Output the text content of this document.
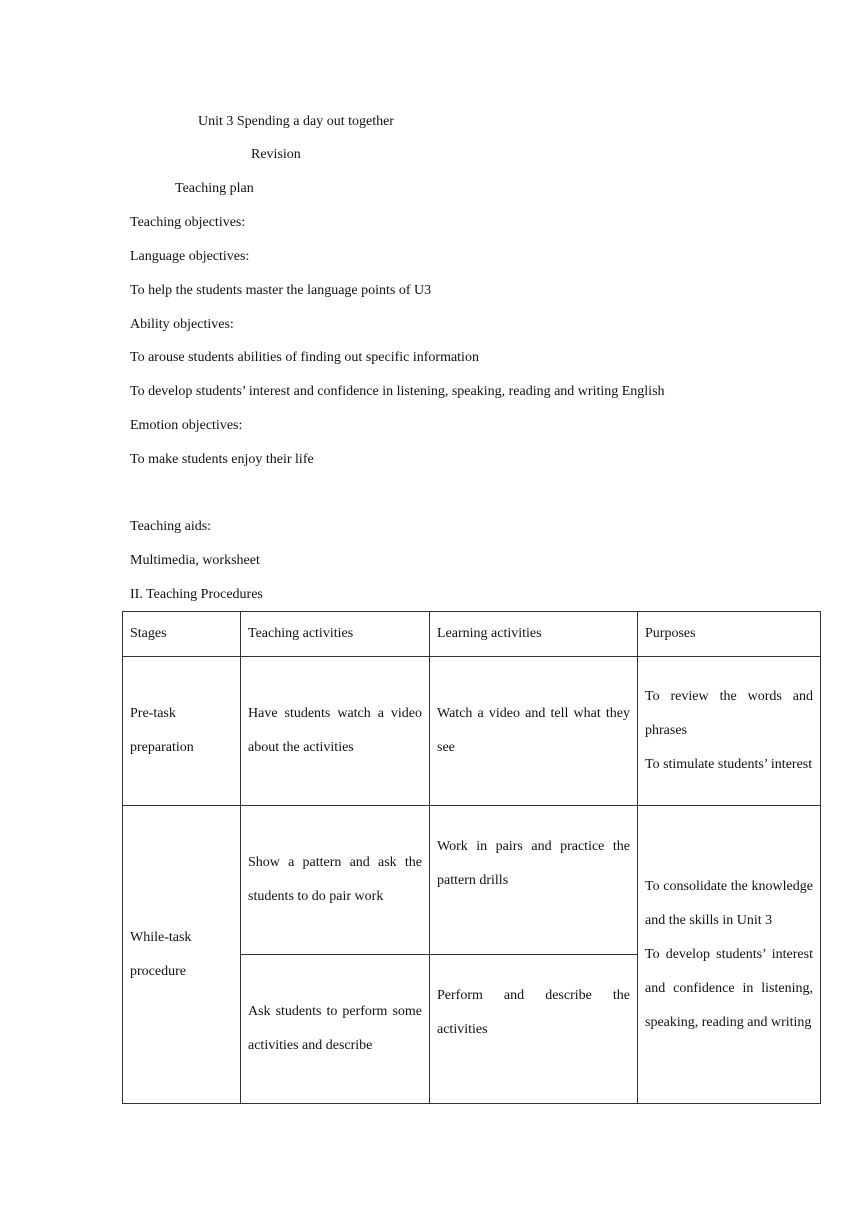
Unit 3 Spending a day out together
Revision
Teaching plan
Teaching objectives:
Language objectives:
To help the students master the language points of U3
Ability objectives:
To arouse students abilities of finding out specific information
To develop students’ interest and confidence in listening, speaking, reading and writing English
Emotion objectives:
To make students enjoy their life
Teaching aids:
Multimedia, worksheet
II. Teaching Procedures
Stages	Teaching activities	Learning activities	Purposes
Pre-task preparation	Have students watch a video about the activities	Watch a video and tell what they see	To review the words and phrases
To stimulate students’ interest

While-task procedure	Show a pattern and ask the students to do pair work	Work in pairs and practice the pattern drills	To consolidate the knowledge and the skills in Unit 3
To develop students’ interest and confidence in listening, speaking, reading and writing

	Ask students to perform some activities and describe	Perform and describe the activities	
